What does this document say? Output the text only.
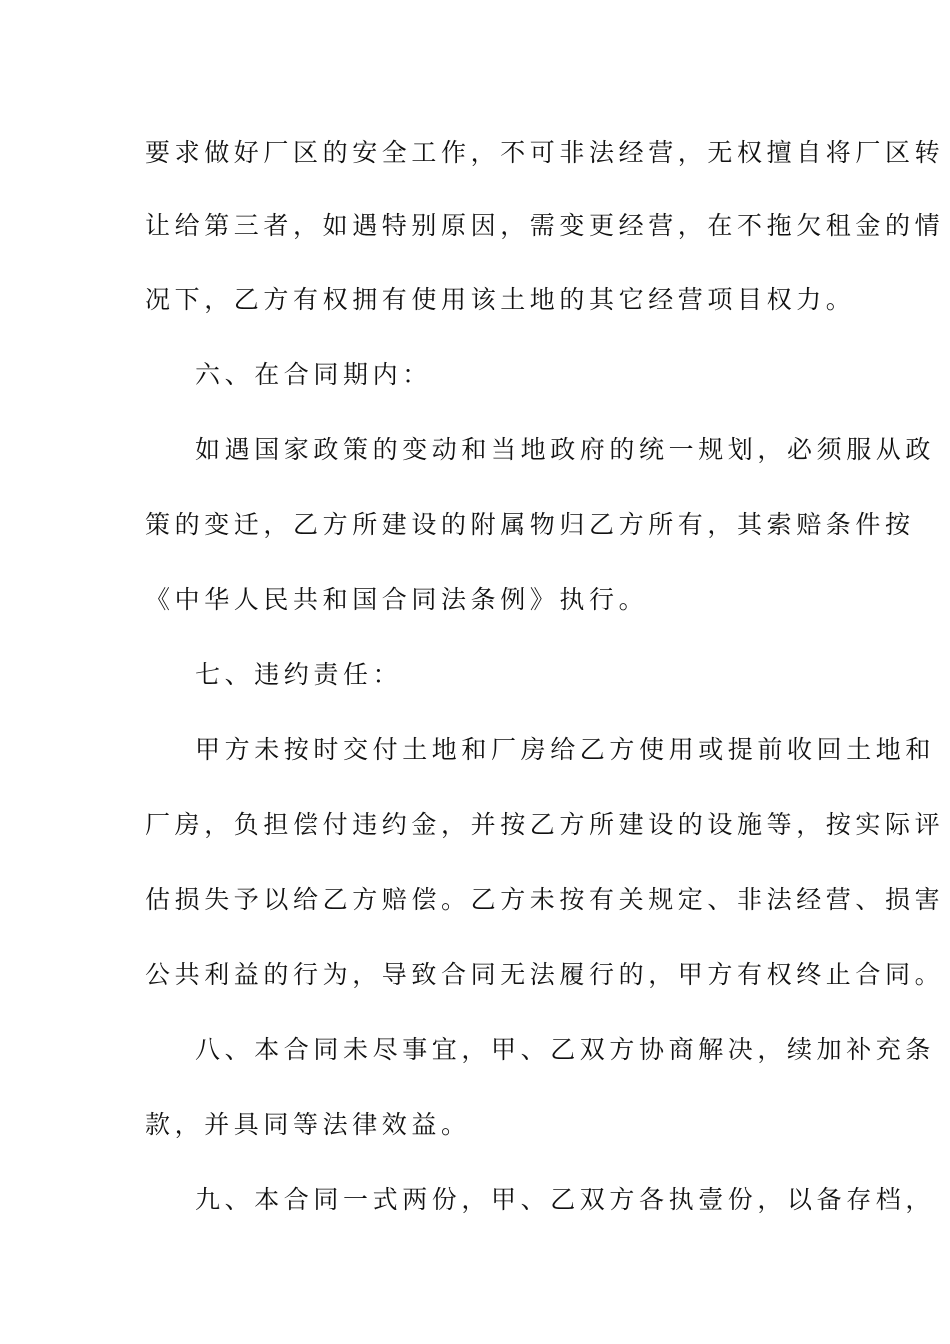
要求做好厂区的安全工作，不可非法经营，无权擅自将厂区转
让给第三者，如遇特别原因，需变更经营，在不拖欠租金的情
况下，乙方有权拥有使用该土地的其它经营项目权力。
六、在合同期内：
如遇国家政策的变动和当地政府的统一规划，必须服从政
策的变迁，乙方所建设的附属物归乙方所有，其索赔条件按
《中华人民共和国合同法条例》执行。
七、违约责任：
甲方未按时交付土地和厂房给乙方使用或提前收回土地和
厂房，负担偿付违约金，并按乙方所建设的设施等，按实际评
估损失予以给乙方赔偿。乙方未按有关规定、非法经营、损害
公共利益的行为，导致合同无法履行的，甲方有权终止合同。
八、本合同未尽事宜，甲、乙双方协商解决，续加补充条
款，并具同等法律效益。
九、本合同一式两份，甲、乙双方各执壹份，以备存档，
